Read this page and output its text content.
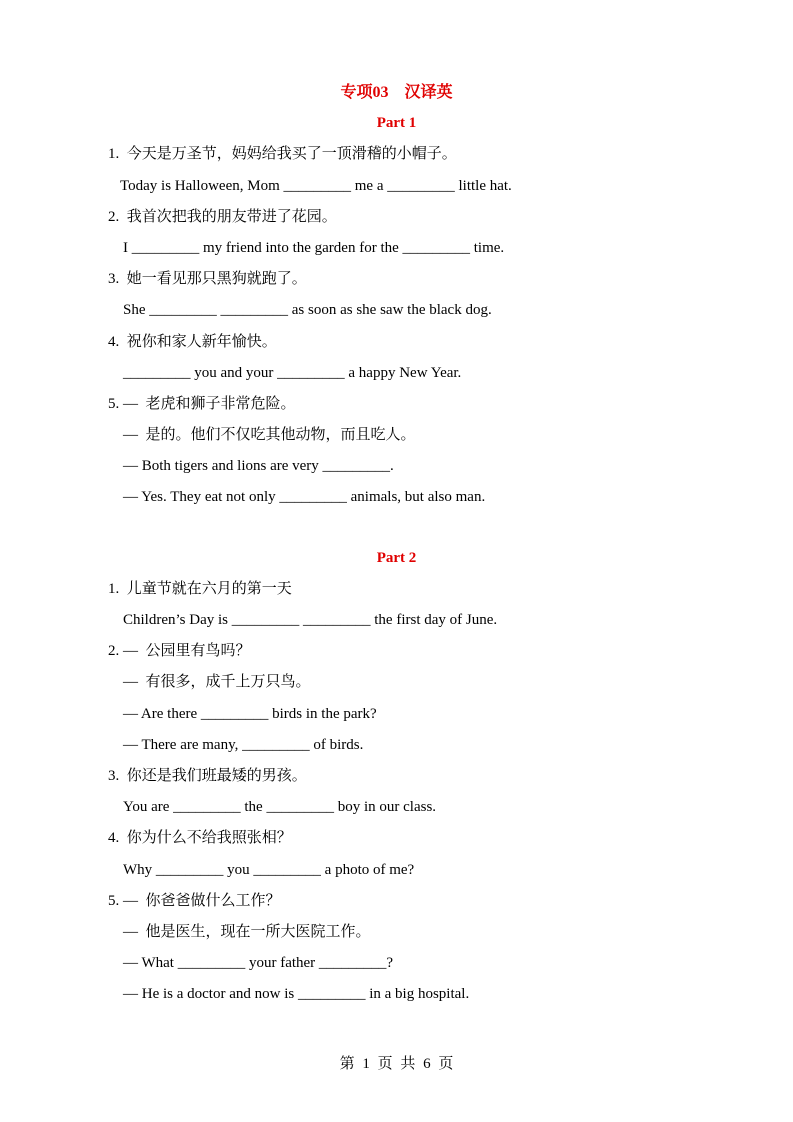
专项03　汉译英
Part 1
1.  今天是万圣节，妈妈给我买了一顶滑稽的小帽子。
Today is Halloween, Mom _________ me a _________ little hat.
2.  我首次把我的朋友带进了花园。
I _________ my friend into the garden for the _________ time.
3.  她一看见那只黑狗就跑了。
She _________ _________ as soon as she saw the black dog.
4.  祝你和家人新年愉快。
_________ you and your _________ a happy New Year.
5. —  老虎和狮子非常危险。
—  是的。他们不仅吃其他动物，而且吃人。
— Both tigers and lions are very _________.
— Yes. They eat not only _________ animals, but also man.
Part 2
1.  儿童节就在六月的第一天
Children’s Day is _________ _________ the first day of June.
2. —  公园里有鸟吗？
—  有很多，成千上万只鸟。
— Are there _________ birds in the park?
— There are many, _________ of birds.
3.  你还是我们班最矮的男孩。
You are _________ the _________ boy in our class.
4.  你为什么不给我照张相？
Why _________ you _________ a photo of me?
5. —  你爸爸做什么工作？
—  他是医生，现在一所大医院工作。
— What _________ your father _________?
— He is a doctor and now is _________ in a big hospital.
第 1 页 共 6 页
